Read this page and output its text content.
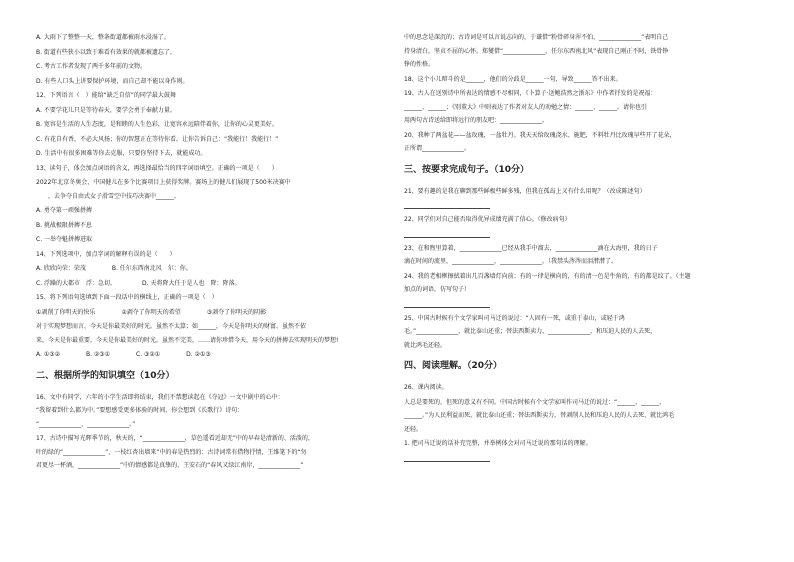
A. 大雨下了整整一天，整条街道都被雨水浸湿了。

B. 街道有些狭小以致于难看有效果的就都被遗忘了。

C. 考古工作者发现了两千多年前的文物。

D. 有些人口头上讲要保护环境，而自己却不能以身作则。

12、下列语言（　）能给“缺乏自信”的同学最大鼓舞

A. 不要学花儿只是等待春天，要学会勇于奉献力量。

B. 宽容是生活的人生态度，是和睦的人生色彩，让宽容永远陪伴着你，让你的心灵更美好。

C. 有花自有香，不必大风扬；你的智慧正在等待你看。让你告诉自己：“我能行！我能行！”

D. 生活中有很多困难等你去克服，只要你坚持下去，就能成功。

13、读句子，体会加点词语的含义，再选择最恰当的四字词语填空。正确的一项是（　　）

2022年北京冬奥会，中国健儿在多个比赛项目上获得奖牌。赛场上的健儿们展现了500米决赛中

　　，去争夺自由式女子滑雪空中技巧决赛中______。

A. 勇夺第一顽强拼搏

B. 挑战极限拼搏不息

C. 一举夺魁拼搏进取

14、下列选项中，加点字词的解释有误的是（　　）

A. 欣欣向荣：荣茂	B. 任尔东西南北风　尔：你。
C. 浮躁的大都市　浮：急切。	D. 天将降大任于是人也　降：降落。

15、将下列语句选填到下面一段话中的横线上，正确的一项是（　）

①剥削了你明天的快乐	②剥夺了你明天的希望	③剥夺了你明天的阴影

对于实现梦想而言，今天是你最美好的时光。虽然不太算；如______，今天是你明天的财富。虽然不依

来，今天是你最重要，今天是你最美好的时光。虽然不完美，……请你珍惜今天，用今天的拼搏去实现明天的梦想!

A. ①③②	B. ②③①	C. ③②①	D. ②①③
二、根据所学的知识填空（10分）

16、文中有同学，六年的小学生活即将结束，我们不禁想读起在《夺冠》一文中剧中的心中：

“我留着到什么都为中。”要想感受更多体验的时间，你会想到《长歌行》诗句：

“______________，______________。”

17、古诗中描写光辉季节的，秋天的，“______________，草色遥看近却无”中的早春是清新的、活泼的，

叶的绿的“______________”，一枝红杏出墙来”中的春是热烈的；古诗词常有借物抒情，王维笔下的“勿

君更尽一杯酒，______________”中的情感都是真挚的，王安石的“春风又绿江南岸，______________”

中的思念是深沉的；古诗词是可以言说志向的，于谦借“粉骨碎身浑不怕，______________”表明自己

持身清白，坚贞不屈的心怀。郑燮借“______________，任尔东西南北风”表现自己刚正不阿、铁骨铮

铮的性格。

18、这个小儿辩斗的是______，他们的分歧是______一句，导致______答不出来。

19、古人在送别诗中所表达的情感不尽相同，《卜算子·送鲍浩然之浙东》中作者抒发的是祝福：

______、______；《别董大》中则表达了作者对友人的劝勉之情：______、______。请你也引

用两句古诗送给即将远行的朋友吧：______________。

20、我种了两盆花——盆玫瑰，一盆牡丹。我天天给玫瑰浇水、施肥，不料牡丹比玫瑰早些开了花朵，

正所谓______________。

三、按要求完成句子。（10分）

21、要有趣的是我在聊到那些鲜极些鲜多残，但我在孤岛上又有什么用呢？（改成陈述句）

22、同学们对自己能否取得优异成绩充满了信心。（修改病句）

23、在和煦里算着，______________已经从我手中溜去，______________滴在大海里，我的日子

滴在时间的流里，______________，______________。（我禁头涔涔而泪潸潸了。

24、我的老相框擦拭着出几百盏墙灯向前；有的一律是横向的，有的清一色是牛角的，有的都是纹了。（主题

加点的词语，仿写句子）

25、中国古时候有个文学家叫司马迁的说过：“人固有一死，或重于泰山，或轻于鸿

毛。”______________，就比泰山还重；替法西斯卖力，______________，和压迫人民的人去死，

就比鸿毛还轻。

四、阅读理解。（20分）

26、课内阅读。

人总是要死的，但死的意义有不同。中国古时候有个文学家叫作司马迁的说过：“______，______，

______。”为人民利益而死，就比泰山还重；替法西斯卖力，替剥削人民和压迫人民的人去死，就比鸿毛

还轻。

1. 把司马迁说的话补充完整，并举例体会对司马迁说的那句话的理解。
